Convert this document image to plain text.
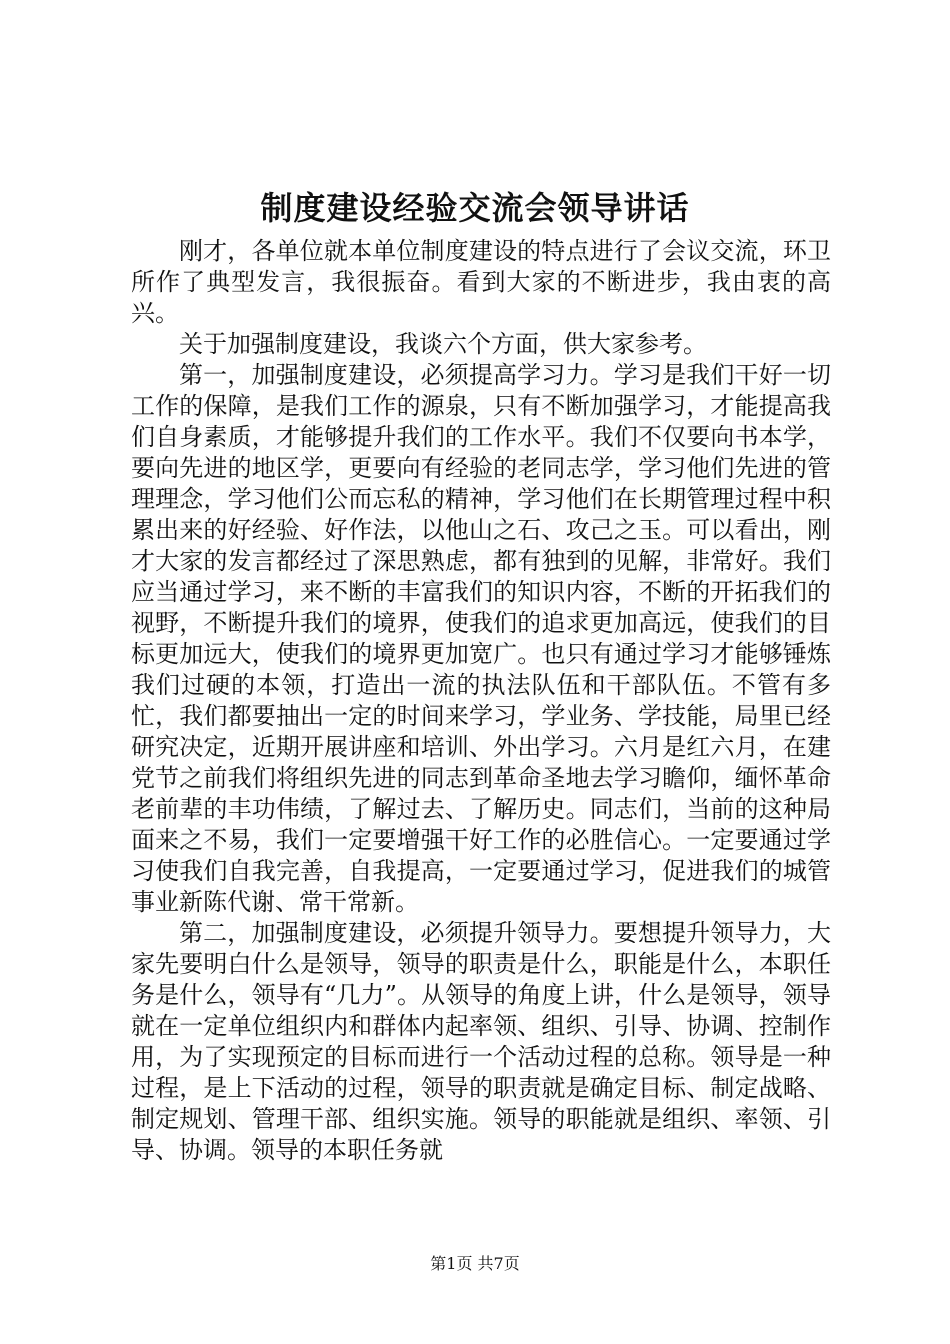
制度建设经验交流会领导讲话

刚才，各单位就本单位制度建设的特点进行了会议交流，环卫所作了典型发言，我很振奋。看到大家的不断进步，我由衷的高兴。

关于加强制度建设，我谈六个方面，供大家参考。

第一，加强制度建设，必须提高学习力。学习是我们干好一切工作的保障，是我们工作的源泉，只有不断加强学习，才能提高我们自身素质，才能够提升我们的工作水平。我们不仅要向书本学，要向先进的地区学，更要向有经验的老同志学，学习他们先进的管理理念，学习他们公而忘私的精神，学习他们在长期管理过程中积累出来的好经验、好作法，以他山之石、攻己之玉。可以看出，刚才大家的发言都经过了深思熟虑，都有独到的见解，非常好。我们应当通过学习，来不断的丰富我们的知识内容，不断的开拓我们的视野，不断提升我们的境界，使我们的追求更加高远，使我们的目标更加远大，使我们的境界更加宽广。也只有通过学习才能够锤炼我们过硬的本领，打造出一流的执法队伍和干部队伍。不管有多忙，我们都要抽出一定的时间来学习，学业务、学技能，局里已经研究决定，近期开展讲座和培训、外出学习。六月是红六月，在建党节之前我们将组织先进的同志到革命圣地去学习瞻仰，缅怀革命老前辈的丰功伟绩，了解过去、了解历史。同志们，当前的这种局面来之不易，我们一定要增强干好工作的必胜信心。一定要通过学习使我们自我完善，自我提高，一定要通过学习，促进我们的城管事业新陈代谢、常干常新。

第二，加强制度建设，必须提升领导力。要想提升领导力，大家先要明白什么是领导，领导的职责是什么，职能是什么，本职任务是什么，领导有“几力”。从领导的角度上讲，什么是领导，领导就在一定单位组织内和群体内起率领、组织、引导、协调、控制作用，为了实现预定的目标而进行一个活动过程的总称。领导是一种过程，是上下活动的过程，领导的职责就是确定目标、制定战略、制定规划、管理干部、组织实施。领导的职能就是组织、率领、引导、协调。领导的本职任务就

第1页 共7页
